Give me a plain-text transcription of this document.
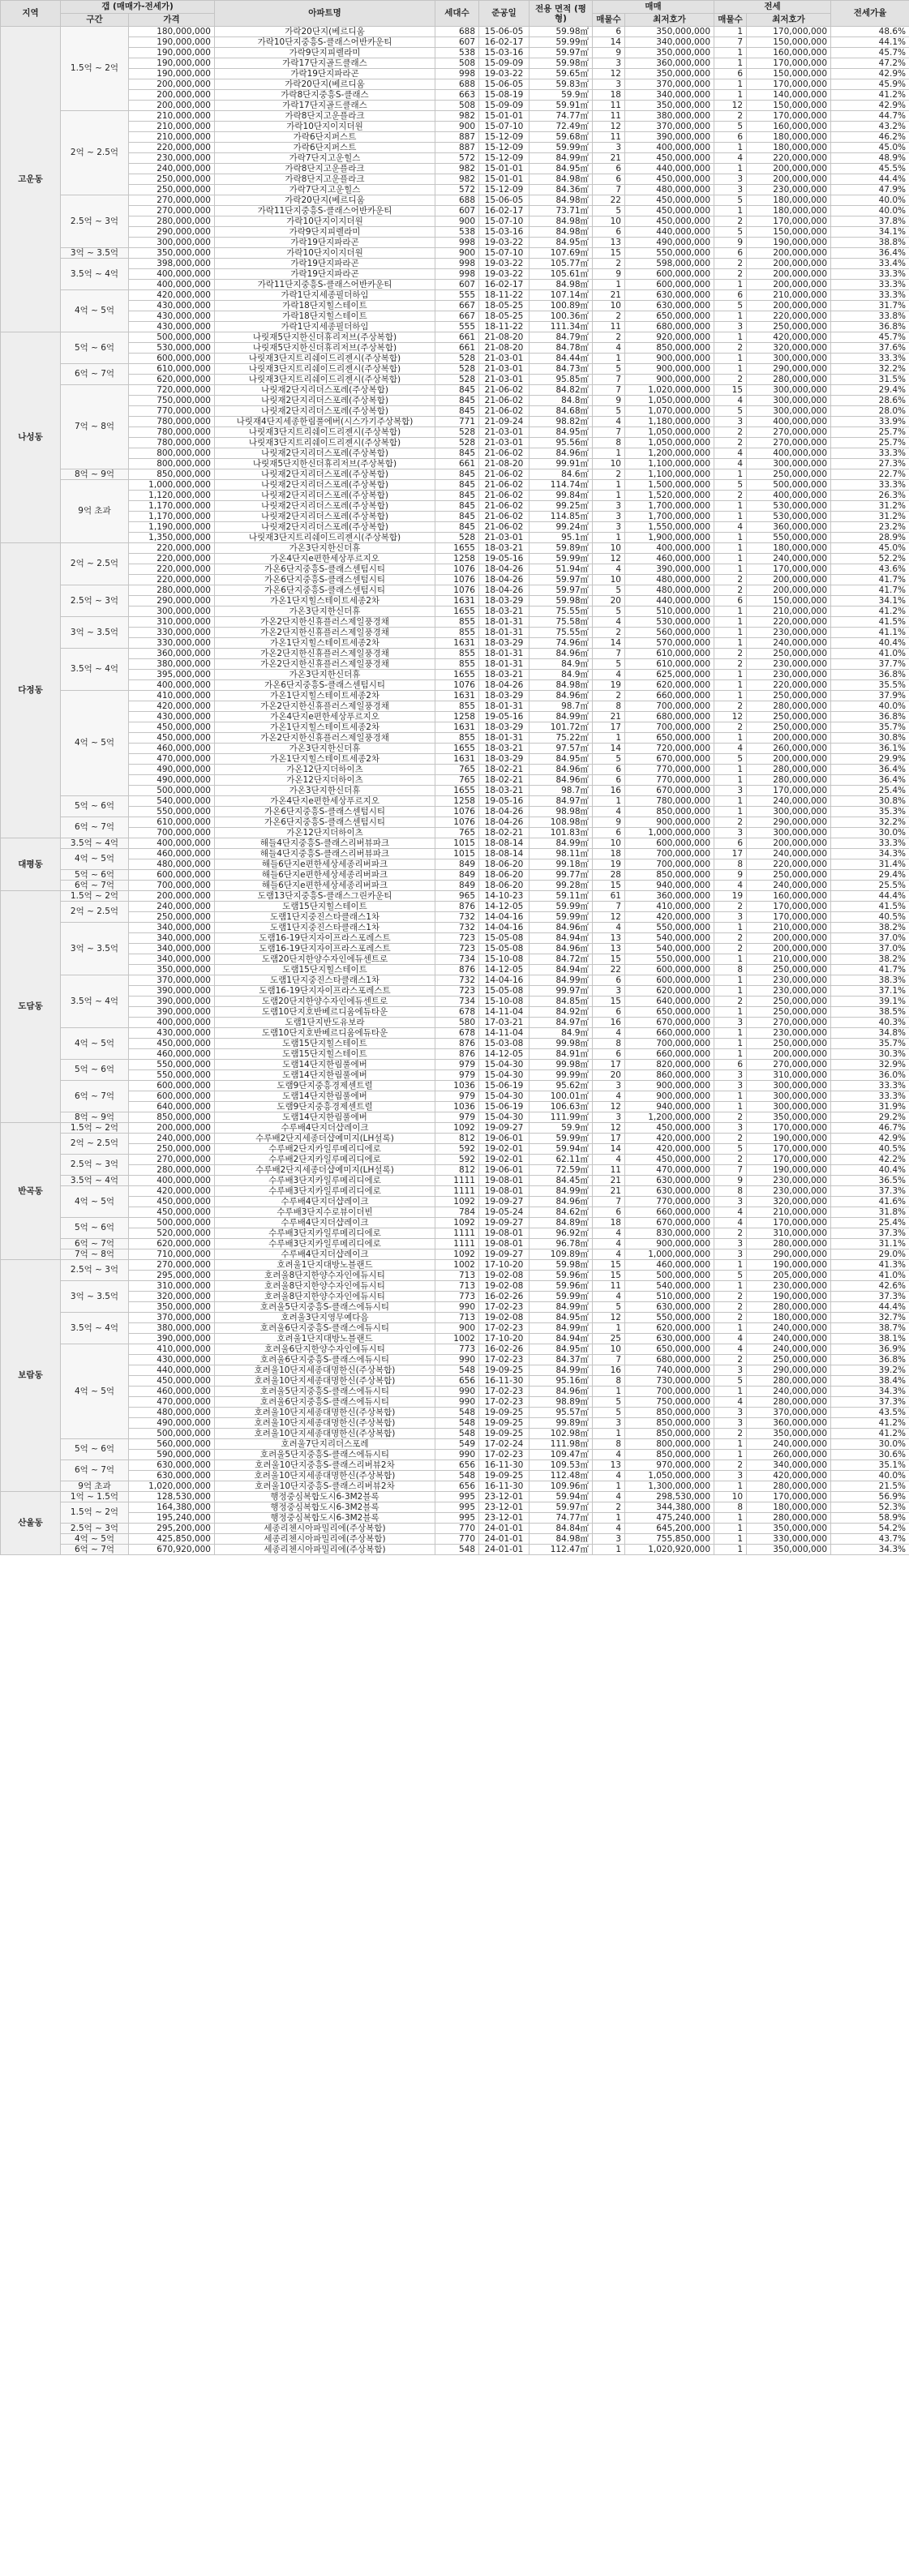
지역	갭 (매매가-전세가)		아파트명	세대수	준공일	전용 면적 (평형)	매매		전세		전세가율
	구간	가격					매물수	최저호가	매물수	최저호가	
고운동	1.5억 ~ 2억	180,000,000	가락20단지(베르디움	688	15-06-05	59.98㎡	6	350,000,000	1	170,000,000	48.6%
		190,000,000	가락10단지중흥S-클래스어반카운티	607	16-02-17	59.99㎡	14	340,000,000	7	150,000,000	44.1%
		190,000,000	가락9단지피렐라미	538	15-03-16	59.97㎡	9	350,000,000	1	160,000,000	45.7%
		190,000,000	가락17단지골드클래스	508	15-09-09	59.98㎡	3	360,000,000	1	170,000,000	47.2%
		190,000,000	가락19단지파라곤	998	19-03-22	59.65㎡	12	350,000,000	6	150,000,000	42.9%
		200,000,000	가락20단지(베르디움	688	15-06-05	59.83㎡	3	370,000,000	1	170,000,000	45.9%
		200,000,000	가락8단지중흥S-클래스	663	15-08-19	59.9㎡	18	340,000,000	1	140,000,000	41.2%
		200,000,000	가락17단지골드클래스	508	15-09-09	59.91㎡	11	350,000,000	12	150,000,000	42.9%
	2억 ~ 2.5억	210,000,000	가락8단지고운플라크	982	15-01-01	74.77㎡	11	380,000,000	2	170,000,000	44.7%
		210,000,000	가락10단지이지더원	900	15-07-10	72.49㎡	12	370,000,000	5	160,000,000	43.2%
		210,000,000	가락6단지퍼스트	887	15-12-09	59.68㎡	11	390,000,000	6	180,000,000	46.2%
		220,000,000	가락6단지퍼스트	887	15-12-09	59.99㎡	3	400,000,000	1	180,000,000	45.0%
		230,000,000	가락7단지고운힐스	572	15-12-09	84.99㎡	21	450,000,000	4	220,000,000	48.9%
		240,000,000	가락8단지고운플라크	982	15-01-01	84.95㎡	6	440,000,000	1	200,000,000	45.5%
		250,000,000	가락8단지고운플라크	982	15-01-01	84.98㎡	6	450,000,000	3	200,000,000	44.4%
		250,000,000	가락7단지고운힐스	572	15-12-09	84.36㎡	7	480,000,000	3	230,000,000	47.9%
	2.5억 ~ 3억	270,000,000	가락20단지(베르디움	688	15-06-05	84.98㎡	22	450,000,000	5	180,000,000	40.0%
		270,000,000	가락11단지중흥S-클래스어반카운티	607	16-02-17	73.71㎡	5	450,000,000	1	180,000,000	40.0%
		280,000,000	가락10단지이지더원	900	15-07-10	84.98㎡	10	450,000,000	2	170,000,000	37.8%
		290,000,000	가락9단지피렐라미	538	15-03-16	84.98㎡	6	440,000,000	5	150,000,000	34.1%
		300,000,000	가락19단지파라곤	998	19-03-22	84.95㎡	13	490,000,000	9	190,000,000	38.8%
	3억 ~ 3.5억	350,000,000	가락10단지이지더원	900	15-07-10	107.69㎡	15	550,000,000	6	200,000,000	36.4%
	3.5억 ~ 4억	398,000,000	가락19단지파라곤	998	19-03-22	105.77㎡	2	598,000,000	2	200,000,000	33.4%
		400,000,000	가락19단지파라곤	998	19-03-22	105.61㎡	9	600,000,000	2	200,000,000	33.3%
		400,000,000	가락11단지중흥S-클래스어반카운티	607	16-02-17	84.98㎡	1	600,000,000	1	200,000,000	33.3%
	4억 ~ 5억	420,000,000	가락1단지세종필더하임	555	18-11-22	107.14㎡	21	630,000,000	6	210,000,000	33.3%
		430,000,000	가락18단지힐스테이트	667	18-05-25	100.89㎡	10	630,000,000	5	200,000,000	31.7%
		430,000,000	가락18단지힐스테이트	667	18-05-25	100.36㎡	2	650,000,000	1	220,000,000	33.8%
		430,000,000	가락1단지세종필더하임	555	18-11-22	111.34㎡	11	680,000,000	3	250,000,000	36.8%
나성동	5억 ~ 6억	500,000,000	나릿재5단지한신더휴리저브(주상복합)	661	21-08-20	84.79㎡	2	920,000,000	1	420,000,000	45.7%
		530,000,000	나릿재5단지한신더휴리저브(주상복합)	661	21-08-20	84.78㎡	4	850,000,000	2	320,000,000	37.6%
		600,000,000	나릿재3단지트리쉐이드리젠시(주상복합)	528	21-03-01	84.44㎡	1	900,000,000	1	300,000,000	33.3%
	6억 ~ 7억	610,000,000	나릿재3단지트리쉐이드리젠시(주상복합)	528	21-03-01	84.73㎡	5	900,000,000	1	290,000,000	32.2%
		620,000,000	나릿재3단지트리쉐이드리젠시(주상복합)	528	21-03-01	95.85㎡	7	900,000,000	2	280,000,000	31.5%
	7억 ~ 8억	720,000,000	나릿재2단지리더스포레(주상복합)	845	21-06-02	84.82㎡	7	1,020,000,000	15	300,000,000	29.4%
		750,000,000	나릿재2단지리더스포레(주상복합)	845	21-06-02	84.8㎡	9	1,050,000,000	4	300,000,000	28.6%
		770,000,000	나릿재2단지리더스포레(주상복합)	845	21-06-02	84.68㎡	5	1,070,000,000	5	300,000,000	28.0%
		780,000,000	나릿재4단지세종한림풀에버(시스가기주상복합)	771	21-09-24	98.82㎡	4	1,180,000,000	3	400,000,000	33.9%
		780,000,000	나릿재3단지트리쉐이드리젠시(주상복합)	528	21-03-01	84.95㎡	7	1,050,000,000	2	270,000,000	25.7%
		780,000,000	나릿재3단지트리쉐이드리젠시(주상복합)	528	21-03-01	95.56㎡	8	1,050,000,000	2	270,000,000	25.7%
		800,000,000	나릿재2단지리더스포레(주상복합)	845	21-06-02	84.96㎡	1	1,200,000,000	4	400,000,000	33.3%
		800,000,000	나릿재5단지한신더휴리저브(주상복합)	661	21-08-20	99.91㎡	10	1,100,000,000	4	300,000,000	27.3%
	8억 ~ 9억	850,000,000	나릿재2단지리더스포레(주상복합)	845	21-06-02	84.6㎡	2	1,100,000,000	1	250,000,000	22.7%
	9억 초과	1,000,000,000	나릿재2단지리더스포레(주상복합)	845	21-06-02	114.74㎡	1	1,500,000,000	5	500,000,000	33.3%
		1,120,000,000	나릿재2단지리더스포레(주상복합)	845	21-06-02	99.84㎡	1	1,520,000,000	2	400,000,000	26.3%
		1,170,000,000	나릿재2단지리더스포레(주상복합)	845	21-06-02	99.25㎡	3	1,700,000,000	1	530,000,000	31.2%
		1,170,000,000	나릿재2단지리더스포레(주상복합)	845	21-06-02	114.85㎡	3	1,700,000,000	1	530,000,000	31.2%
		1,190,000,000	나릿재2단지리더스포레(주상복합)	845	21-06-02	99.24㎡	3	1,550,000,000	4	360,000,000	23.2%
		1,350,000,000	나릿재3단지트리쉐이드리젠시(주상복합)	528	21-03-01	95.1㎡	1	1,900,000,000	1	550,000,000	28.9%
다정동	2억 ~ 2.5억	220,000,000	가온3단지한신더휴	1655	18-03-21	59.89㎡	10	400,000,000	1	180,000,000	45.0%
		220,000,000	가온4단지e편한세상푸르지오	1258	19-05-16	59.99㎡	12	460,000,000	1	240,000,000	52.2%
		220,000,000	가온6단지중흥S-클래스센텀시티	1076	18-04-26	51.94㎡	4	390,000,000	1	170,000,000	43.6%
		220,000,000	가온6단지중흥S-클래스센텀시티	1076	18-04-26	59.97㎡	10	480,000,000	2	200,000,000	41.7%
	2.5억 ~ 3억	280,000,000	가온6단지중흥S-클래스센텀시티	1076	18-04-26	59.97㎡	5	480,000,000	2	200,000,000	41.7%
		290,000,000	가온1단지힐스테이트세종2차	1631	18-03-29	59.98㎡	20	440,000,000	6	150,000,000	34.1%
		300,000,000	가온3단지한신더휴	1655	18-03-21	75.55㎡	5	510,000,000	1	210,000,000	41.2%
	3억 ~ 3.5억	310,000,000	가온2단지한신휴플러스제일풍경채	855	18-01-31	75.58㎡	4	530,000,000	1	220,000,000	41.5%
		330,000,000	가온2단지한신휴플러스제일풍경채	855	18-01-31	75.55㎡	2	560,000,000	1	230,000,000	41.1%
		330,000,000	가온1단지힐스테이트세종2차	1631	18-03-29	74.96㎡	14	570,000,000	1	240,000,000	40.4%
	3.5억 ~ 4억	360,000,000	가온2단지한신휴플러스제일풍경채	855	18-01-31	84.96㎡	7	610,000,000	2	250,000,000	41.0%
		380,000,000	가온2단지한신휴플러스제일풍경채	855	18-01-31	84.9㎡	5	610,000,000	2	230,000,000	37.7%
		395,000,000	가온3단지한신더휴	1655	18-03-21	84.9㎡	4	625,000,000	1	230,000,000	36.8%
		400,000,000	가온6단지중흥S-클래스센텀시티	1076	18-04-26	84.98㎡	19	620,000,000	1	220,000,000	35.5%
	4억 ~ 5억	410,000,000	가온1단지힐스테이트세종2차	1631	18-03-29	84.96㎡	2	660,000,000	1	250,000,000	37.9%
		420,000,000	가온2단지한신휴플러스제일풍경채	855	18-01-31	98.7㎡	8	700,000,000	2	280,000,000	40.0%
		430,000,000	가온4단지e편한세상푸르지오	1258	19-05-16	84.99㎡	21	680,000,000	12	250,000,000	36.8%
		450,000,000	가온1단지힐스테이트세종2차	1631	18-03-29	101.72㎡	17	700,000,000	2	250,000,000	35.7%
		450,000,000	가온2단지한신휴플러스제일풍경채	855	18-01-31	75.22㎡	1	650,000,000	1	200,000,000	30.8%
		460,000,000	가온3단지한신더휴	1655	18-03-21	97.57㎡	14	720,000,000	4	260,000,000	36.1%
		470,000,000	가온1단지힐스테이트세종2차	1631	18-03-29	84.95㎡	5	670,000,000	5	200,000,000	29.9%
		490,000,000	가온12단지더하이츠	765	18-02-21	84.96㎡	6	770,000,000	1	280,000,000	36.4%
		490,000,000	가온12단지더하이츠	765	18-02-21	84.96㎡	6	770,000,000	1	280,000,000	36.4%
		500,000,000	가온3단지한신더휴	1655	18-03-21	98.7㎡	16	670,000,000	3	170,000,000	25.4%
	5억 ~ 6억	540,000,000	가온4단지e편한세상푸르지오	1258	19-05-16	84.97㎡	1	780,000,000	1	240,000,000	30.8%
		550,000,000	가온6단지중흥S-클래스센텀시티	1076	18-04-26	98.98㎡	4	850,000,000	1	300,000,000	35.3%
	6억 ~ 7억	610,000,000	가온6단지중흥S-클래스센텀시티	1076	18-04-26	108.98㎡	9	900,000,000	2	290,000,000	32.2%
		700,000,000	가온12단지더하이츠	765	18-02-21	101.83㎡	6	1,000,000,000	3	300,000,000	30.0%
대평동	3.5억 ~ 4억	400,000,000	해들4단지중흥S-클래스리버뷰파크	1015	18-08-14	84.99㎡	10	600,000,000	6	200,000,000	33.3%
	4억 ~ 5억	460,000,000	해들4단지중흥S-클래스리버뷰파크	1015	18-08-14	98.11㎡	18	700,000,000	17	240,000,000	34.3%
		480,000,000	해들6단지e편한세상세종리버파크	849	18-06-20	99.18㎡	19	700,000,000	8	220,000,000	31.4%
	5억 ~ 6억	600,000,000	해들6단지e편한세상세종리버파크	849	18-06-20	99.77㎡	28	850,000,000	9	250,000,000	29.4%
	6억 ~ 7억	700,000,000	해들6단지e편한세상세종리버파크	849	18-06-20	99.28㎡	15	940,000,000	4	240,000,000	25.5%
도담동	1.5억 ~ 2억	200,000,000	도램13단지중흥S-클래스그린카운티	965	14-10-23	59.11㎡	61	360,000,000	19	160,000,000	44.4%
	2억 ~ 2.5억	240,000,000	도램15단지힐스테이트	876	14-12-05	59.99㎡	7	410,000,000	2	170,000,000	41.5%
		250,000,000	도램1단지중진스타클래스1차	732	14-04-16	59.99㎡	12	420,000,000	3	170,000,000	40.5%
	3억 ~ 3.5억	340,000,000	도램1단지중진스타클래스1차	732	14-04-16	84.96㎡	4	550,000,000	1	210,000,000	38.2%
		340,000,000	도램16-19단지자이프라스포레스트	723	15-05-08	84.94㎡	13	540,000,000	2	200,000,000	37.0%
		340,000,000	도램16-19단지자이프라스포레스트	723	15-05-08	84.96㎡	13	540,000,000	2	200,000,000	37.0%
		340,000,000	도램20단지한양수자인에듀센트로	734	15-10-08	84.72㎡	15	550,000,000	1	210,000,000	38.2%
		350,000,000	도램15단지힐스테이트	876	14-12-05	84.94㎡	22	600,000,000	8	250,000,000	41.7%
	3.5억 ~ 4억	370,000,000	도램1단지중진스타클래스1차	732	14-04-16	84.99㎡	6	600,000,000	1	230,000,000	38.3%
		390,000,000	도램16-19단지자이프라스포레스트	723	15-05-08	99.97㎡	3	620,000,000	1	230,000,000	37.1%
		390,000,000	도램20단지한양수자인에듀센트로	734	15-10-08	84.85㎡	15	640,000,000	2	250,000,000	39.1%
		390,000,000	도램10단지호반베르디움에듀타운	678	14-11-04	84.92㎡	6	650,000,000	1	250,000,000	38.5%
		400,000,000	도램1단지반도유보라	580	17-03-21	84.97㎡	16	670,000,000	3	270,000,000	40.3%
	4억 ~ 5억	430,000,000	도램10단지호반베르디움에듀타운	678	14-11-04	84.9㎡	4	660,000,000	1	230,000,000	34.8%
		450,000,000	도램15단지힐스테이트	876	15-03-08	99.98㎡	8	700,000,000	1	250,000,000	35.7%
		460,000,000	도램15단지힐스테이트	876	14-12-05	84.91㎡	6	660,000,000	1	200,000,000	30.3%
	5억 ~ 6억	550,000,000	도램14단지한림풀에버	979	15-04-30	99.98㎡	17	820,000,000	6	270,000,000	32.9%
		550,000,000	도램14단지한림풀에버	979	15-04-30	99.99㎡	20	860,000,000	3	310,000,000	36.0%
	6억 ~ 7억	600,000,000	도램9단지중흥경제센트럴	1036	15-06-19	95.62㎡	3	900,000,000	3	300,000,000	33.3%
		600,000,000	도램14단지한림풀에버	979	15-04-30	100.01㎡	4	900,000,000	1	300,000,000	33.3%
		640,000,000	도램9단지중흥경제센트럴	1036	15-06-19	106.63㎡	12	940,000,000	1	300,000,000	31.9%
	8억 ~ 9억	850,000,000	도램14단지한림풀에버	979	15-04-30	111.99㎡	3	1,200,000,000	2	350,000,000	29.2%
반곡동	1.5억 ~ 2억	200,000,000	수루배4단지더샵레이크	1092	19-09-27	59.9㎡	12	450,000,000	3	170,000,000	46.7%
	2억 ~ 2.5억	240,000,000	수루배2단지세종더샵예미지(LH설록)	812	19-06-01	59.99㎡	17	420,000,000	2	190,000,000	42.9%
		250,000,000	수루배2단지카일루메리디에로	592	19-02-01	59.94㎡	14	420,000,000	5	170,000,000	40.5%
	2.5억 ~ 3억	270,000,000	수루배2단지카일루메리디에로	592	19-02-01	62.11㎡	4	450,000,000	2	170,000,000	42.2%
		280,000,000	수루배2단지세종더샵예미지(LH설록)	812	19-06-01	72.59㎡	11	470,000,000	7	190,000,000	40.4%
	3.5억 ~ 4억	400,000,000	수루배3단지카일루메리디에로	1111	19-08-01	84.45㎡	21	630,000,000	9	230,000,000	36.5%
	4억 ~ 5억	420,000,000	수루배3단지카일루메리디에로	1111	19-08-01	84.99㎡	21	630,000,000	8	230,000,000	37.3%
		450,000,000	수루배4단지더샵레이크	1092	19-09-27	84.96㎡	7	770,000,000	3	320,000,000	41.6%
		450,000,000	수루배3단지수로뷰이더빈	784	19-05-24	84.62㎡	6	660,000,000	4	210,000,000	31.8%
	5억 ~ 6억	500,000,000	수루배4단지더샵레이크	1092	19-09-27	84.89㎡	18	670,000,000	4	170,000,000	25.4%
		520,000,000	수루배3단지카일루메리디에로	1111	19-08-01	96.92㎡	4	830,000,000	2	310,000,000	37.3%
	6억 ~ 7억	620,000,000	수루배3단지카일루메리디에로	1111	19-08-01	96.78㎡	4	900,000,000	3	280,000,000	31.1%
	7억 ~ 8억	710,000,000	수루배4단지더샵레이크	1092	19-09-27	109.89㎡	4	1,000,000,000	3	290,000,000	29.0%
보람동	2.5억 ~ 3억	270,000,000	호려울1단지대방노블랜드	1002	17-10-20	59.98㎡	15	460,000,000	1	190,000,000	41.3%
		295,000,000	호려울8단지한양수자인에듀시티	713	19-02-08	59.96㎡	15	500,000,000	5	205,000,000	41.0%
	3억 ~ 3.5억	310,000,000	호려울8단지한양수자인에듀시티	713	19-02-08	59.96㎡	11	540,000,000	1	230,000,000	42.6%
		320,000,000	호려울8단지한양수자인에듀시티	773	16-02-26	59.99㎡	4	510,000,000	2	190,000,000	37.3%
		350,000,000	호려울5단지중흥S-클래스에듀시티	990	17-02-23	84.99㎡	5	630,000,000	2	280,000,000	44.4%
	3.5억 ~ 4억	370,000,000	호려울3단지영무예다음	713	19-02-08	84.95㎡	12	550,000,000	2	180,000,000	32.7%
		380,000,000	호려울6단지중흥S-클래스에듀시티	900	17-02-23	84.99㎡	1	620,000,000	1	240,000,000	38.7%
		390,000,000	호려울1단지대방노블랜드	1002	17-10-20	84.94㎡	25	630,000,000	4	240,000,000	38.1%
	4억 ~ 5억	410,000,000	호려울6단지한양수자인에듀시티	773	16-02-26	84.95㎡	10	650,000,000	4	240,000,000	36.9%
		430,000,000	호려울6단지중흥S-클래스에듀시티	990	17-02-23	84.37㎡	7	680,000,000	2	250,000,000	36.8%
		440,000,000	호려울10단지세종대명한신(주상복합)	548	19-09-25	84.99㎡	16	740,000,000	3	290,000,000	39.2%
		450,000,000	호려울10단지세종대명한신(주상복합)	656	16-11-30	95.16㎡	8	730,000,000	5	280,000,000	38.4%
		460,000,000	호려울5단지중흥S-클래스에듀시티	990	17-02-23	84.96㎡	1	700,000,000	1	240,000,000	34.3%
		470,000,000	호려울6단지중흥S-클래스에듀시티	990	17-02-23	98.89㎡	5	750,000,000	4	280,000,000	37.3%
		480,000,000	호려울10단지세종대명한신(주상복합)	548	19-09-25	95.57㎡	5	850,000,000	3	370,000,000	43.5%
		490,000,000	호려울10단지세종대명한신(주상복합)	548	19-09-25	99.89㎡	3	850,000,000	3	360,000,000	41.2%
		500,000,000	호려울10단지세종대명한신(주상복합)	548	19-09-25	102.98㎡	1	850,000,000	2	350,000,000	41.2%
	5억 ~ 6억	560,000,000	호려울7단지리더스포레	549	17-02-24	111.98㎡	8	800,000,000	1	240,000,000	30.0%
		590,000,000	호려울5단지중흥S-클래스에듀시티	990	17-02-23	109.47㎡	4	850,000,000	1	260,000,000	30.6%
	6억 ~ 7억	630,000,000	호려울10단지중흥S-클래스리버뷰2차	656	16-11-30	109.53㎡	13	970,000,000	2	340,000,000	35.1%
		630,000,000	호려울10단지세종대명한신(주상복합)	548	19-09-25	112.48㎡	4	1,050,000,000	3	420,000,000	40.0%
	9억 초과	1,020,000,000	호려울10단지중흥S-클래스리버뷰2차	656	16-11-30	109.96㎡	1	1,300,000,000	1	280,000,000	21.5%
산울동	1억 ~ 1.5억	128,530,000	행정중심복합도시6-3M2블록	995	23-12-01	59.94㎡	4	298,530,000	10	170,000,000	56.9%
	1.5억 ~ 2억	164,380,000	행정중심복합도시6-3M2블록	995	23-12-01	59.97㎡	2	344,380,000	8	180,000,000	52.3%
		195,240,000	행정중심복합도시6-3M2블록	995	23-12-01	74.77㎡	1	475,240,000	1	280,000,000	58.9%
	2.5억 ~ 3억	295,200,000	세종리첸시아파밀리에(주상복합)	770	24-01-01	84.84㎡	4	645,200,000	1	350,000,000	54.2%
	4억 ~ 5억	425,850,000	세종리첸시아파밀리에(주상복합)	770	24-01-01	84.98㎡	3	755,850,000	1	330,000,000	43.7%
	6억 ~ 7억	670,920,000	세종리첸시아파밀리에(주상복합)	548	24-01-01	112.47㎡	1	1,020,920,000	1	350,000,000	34.3%
